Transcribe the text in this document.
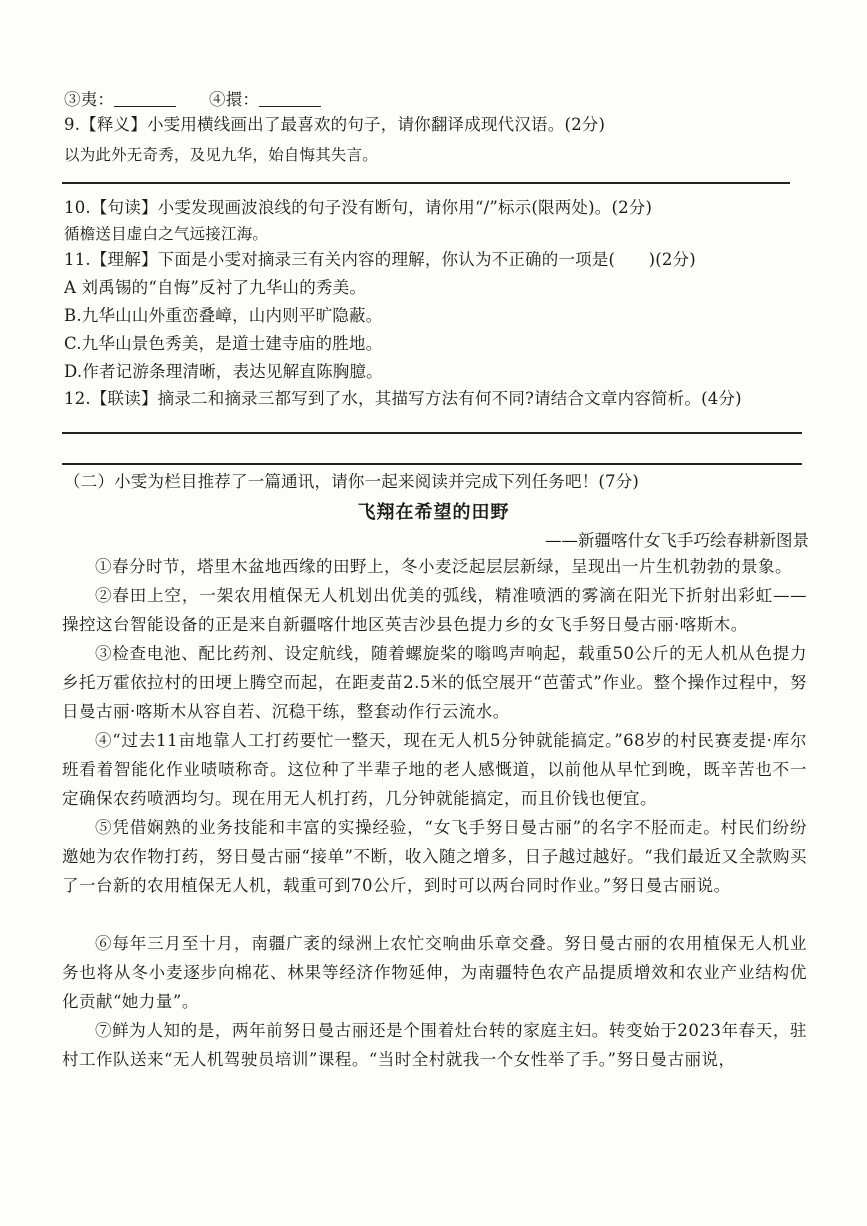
③夷：	④擐：
9.【释义】小雯用横线画出了最喜欢的句子，请你翻译成现代汉语。(2分)
以为此外无奇秀，及见九华，始自悔其失言。
10.【句读】小雯发现画波浪线的句子没有断句，请你用“/”标示(限两处)。(2分)
循檐送目虚白之气远接江海。
11.【理解】下面是小雯对摘录三有关内容的理解，你认为不正确的一项是(　　)(2分)
A 刘禹锡的“自悔”反衬了九华山的秀美。
B.九华山山外重峦叠嶂，山内则平旷隐蔽。
C.九华山景色秀美，是道士建寺庙的胜地。
D.作者记游条理清晰，表达见解直陈胸臆。
12.【联读】摘录二和摘录三都写到了水，其描写方法有何不同?请结合文章内容简析。(4分)
（二）小雯为栏目推荐了一篇通讯，请你一起来阅读并完成下列任务吧！(7分)
飞翔在希望的田野
——新疆喀什女飞手巧绘春耕新图景
①春分时节，塔里木盆地西缘的田野上，冬小麦泛起层层新绿，呈现出一片生机勃勃的景象。
②春田上空，一架农用植保无人机划出优美的弧线，精准喷洒的雾滴在阳光下折射出彩虹——操控这台智能设备的正是来自新疆喀什地区英吉沙县色提力乡的女飞手努日曼古丽·喀斯木。
③检查电池、配比药剂、设定航线，随着螺旋桨的嗡鸣声响起，载重50公斤的无人机从色提力乡托万霍依拉村的田埂上腾空而起，在距麦苗2.5米的低空展开“芭蕾式”作业。整个操作过程中，努日曼古丽·喀斯木从容自若、沉稳干练，整套动作行云流水。
④“过去11亩地靠人工打药要忙一整天，现在无人机5分钟就能搞定。”68岁的村民赛麦提·库尔班看着智能化作业啧啧称奇。这位种了半辈子地的老人感慨道，以前他从早忙到晚，既辛苦也不一定确保农药喷洒均匀。现在用无人机打药，几分钟就能搞定，而且价钱也便宜。
⑤凭借娴熟的业务技能和丰富的实操经验，“女飞手努日曼古丽”的名字不胫而走。村民们纷纷邀她为农作物打药，努日曼古丽“接单”不断，收入随之增多，日子越过越好。“我们最近又全款购买了一台新的农用植保无人机，载重可到70公斤，到时可以两台同时作业。”努日曼古丽说。
⑥每年三月至十月，南疆广袤的绿洲上农忙交响曲乐章交叠。努日曼古丽的农用植保无人机业务也将从冬小麦逐步向棉花、林果等经济作物延伸，为南疆特色农产品提质增效和农业产业结构优化贡献“她力量”。
⑦鲜为人知的是，两年前努日曼古丽还是个围着灶台转的家庭主妇。转变始于2023年春天，驻村工作队送来“无人机驾驶员培训”课程。“当时全村就我一个女性举了手。”努日曼古丽说，
